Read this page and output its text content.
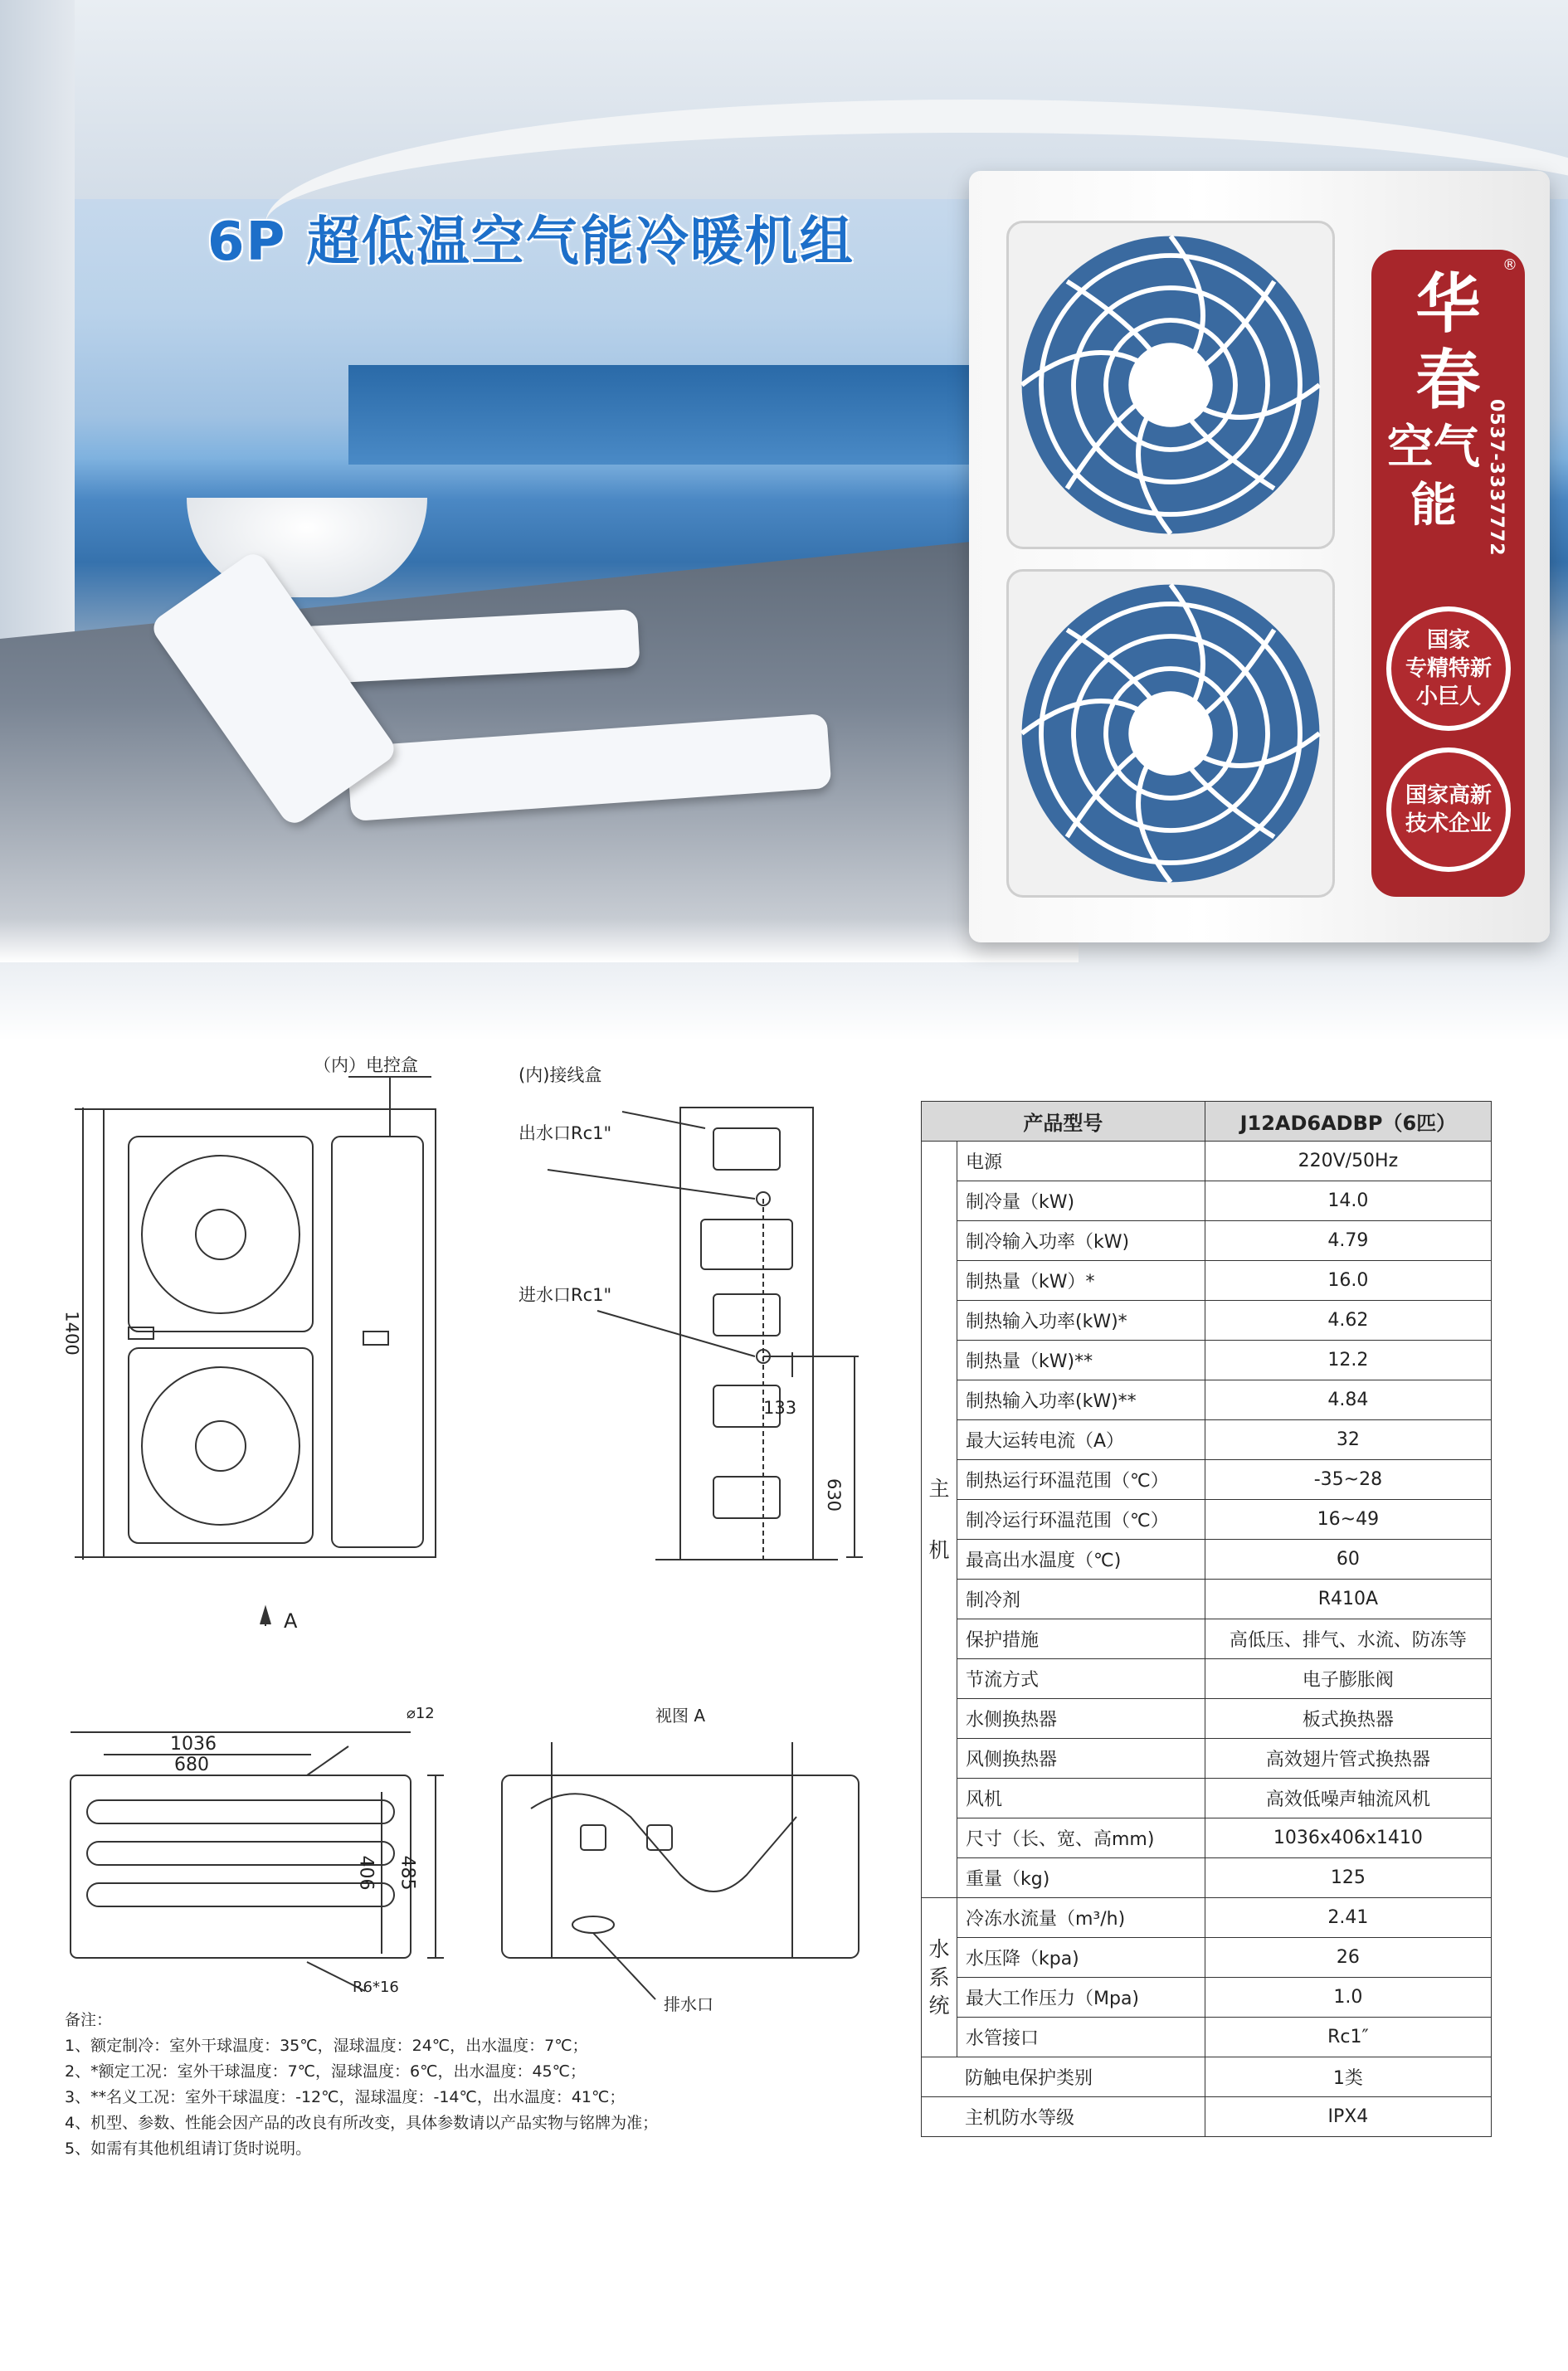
6P 超低温空气能冷暖机组	®
华
春
空气能	0537-3337772
国家
专精特新
小巨人
国家高新
技术企业
（内）电控盒	(内)接线盒
出水口Rc1"
进水口Rc1"
1400
133
630
A
⌀12
1036
680
406 485
R6*16
视图 A
排水口
产品型号		J12AD6ADBP（6匹）

主
机	电源	220V/50Hz
	制冷量（kW)	14.0
	制冷输入功率（kW)	4.79
	制热量（kW）*	16.0
	制热输入功率(kW)*	4.62
	制热量（kW)**	12.2
	制热输入功率(kW)**	4.84
	最大运转电流（A）	32
	制热运行环温范围（℃）	-35~28
	制冷运行环温范围（℃）	16~49
	最高出水温度（℃)	60
	制冷剂	R410A
	保护措施	高低压、排气、水流、防冻等
	节流方式	电子膨胀阀
	水侧换热器	板式换热器
	风侧换热器	高效翅片管式换热器
	风机	高效低噪声轴流风机
	尺寸（长、宽、高mm)	1036x406x1410
	重量（kg)	125

水
系
统	冷冻水流量（m³/h)	2.41
	水压降（kpa)	26
	最大工作压力（Mpa)	1.0
	水管接口	Rc1″
防触电保护类别		1类
主机防水等级		IPX4
备注：
1、额定制冷：室外干球温度：35℃，湿球温度：24℃，出水温度：7℃；
2、*额定工况：室外干球温度：7℃，湿球温度：6℃，出水温度：45℃；
3、**名义工况：室外干球温度：-12℃，湿球温度：-14℃，出水温度：41℃；
4、机型、参数、性能会因产品的改良有所改变，具体参数请以产品实物与铭牌为准；
5、如需有其他机组请订货时说明。
